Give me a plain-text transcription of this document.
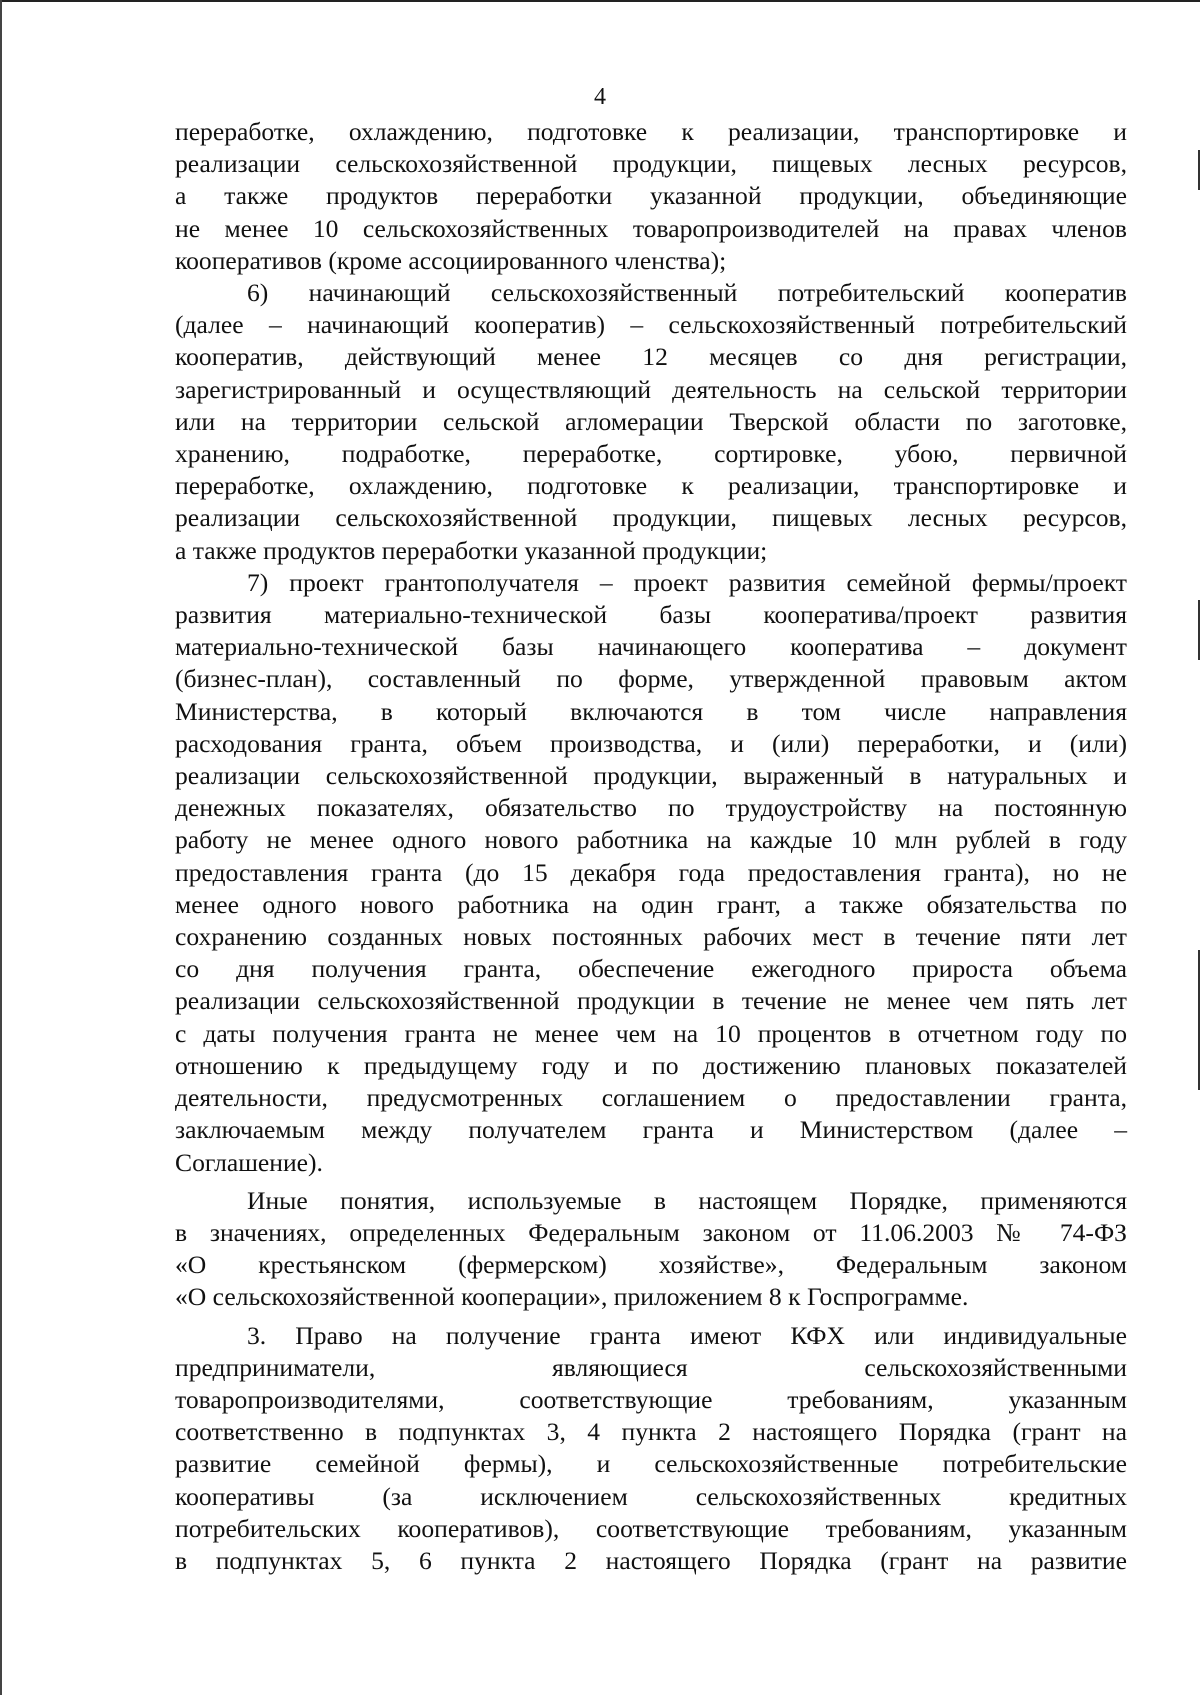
4
переработке, охлаждению, подготовке к реализации, транспортировке и
реализации сельскохозяйственной продукции, пищевых лесных ресурсов,
а также продуктов переработки указанной продукции, объединяющие
не менее 10 сельскохозяйственных товаропроизводителей на правах членов
кооперативов (кроме ассоциированного членства);
6) начинающий сельскохозяйственный потребительский кооператив
(далее – начинающий кооператив) – сельскохозяйственный потребительский
кооператив, действующий менее 12 месяцев со дня регистрации,
зарегистрированный и осуществляющий деятельность на сельской территории
или на территории сельской агломерации Тверской области по заготовке,
хранению, подработке, переработке, сортировке, убою, первичной
переработке, охлаждению, подготовке к реализации, транспортировке и
реализации сельскохозяйственной продукции, пищевых лесных ресурсов,
а также продуктов переработки указанной продукции;
7) проект грантополучателя – проект развития семейной фермы/проект
развития материально-технической базы кооператива/проект развития
материально-технической базы начинающего кооператива – документ
(бизнес-план), составленный по форме, утвержденной правовым актом
Министерства, в который включаются в том числе направления
расходования гранта, объем производства, и (или) переработки, и (или)
реализации сельскохозяйственной продукции, выраженный в натуральных и
денежных показателях, обязательство по трудоустройству на постоянную
работу не менее одного нового работника на каждые 10 млн рублей в году
предоставления гранта (до 15 декабря года предоставления гранта), но не
менее одного нового работника на один грант, а также обязательства по
сохранению созданных новых постоянных рабочих мест в течение пяти лет
со дня получения гранта, обеспечение ежегодного прироста объема
реализации сельскохозяйственной продукции в течение не менее чем пять лет
с даты получения гранта не менее чем на 10 процентов в отчетном году по
отношению к предыдущему году и по достижению плановых показателей
деятельности, предусмотренных соглашением о предоставлении гранта,
заключаемым между получателем гранта и Министерством (далее –
Соглашение).
Иные понятия, используемые в настоящем Порядке, применяются
в значениях, определенных Федеральным законом от 11.06.2003 № 74-ФЗ
«О крестьянском (фермерском) хозяйстве», Федеральным законом
«О сельскохозяйственной кооперации», приложением 8 к Госпрограмме.
3. Право на получение гранта имеют КФХ или индивидуальные
предприниматели, являющиеся сельскохозяйственными
товаропроизводителями, соответствующие требованиям, указанным
соответственно в подпунктах 3, 4 пункта 2 настоящего Порядка (грант на
развитие семейной фермы), и сельскохозяйственные потребительские
кооперативы (за исключением сельскохозяйственных кредитных
потребительских кооперативов), соответствующие требованиям, указанным
в подпунктах 5, 6 пункта 2 настоящего Порядка (грант на развитие
